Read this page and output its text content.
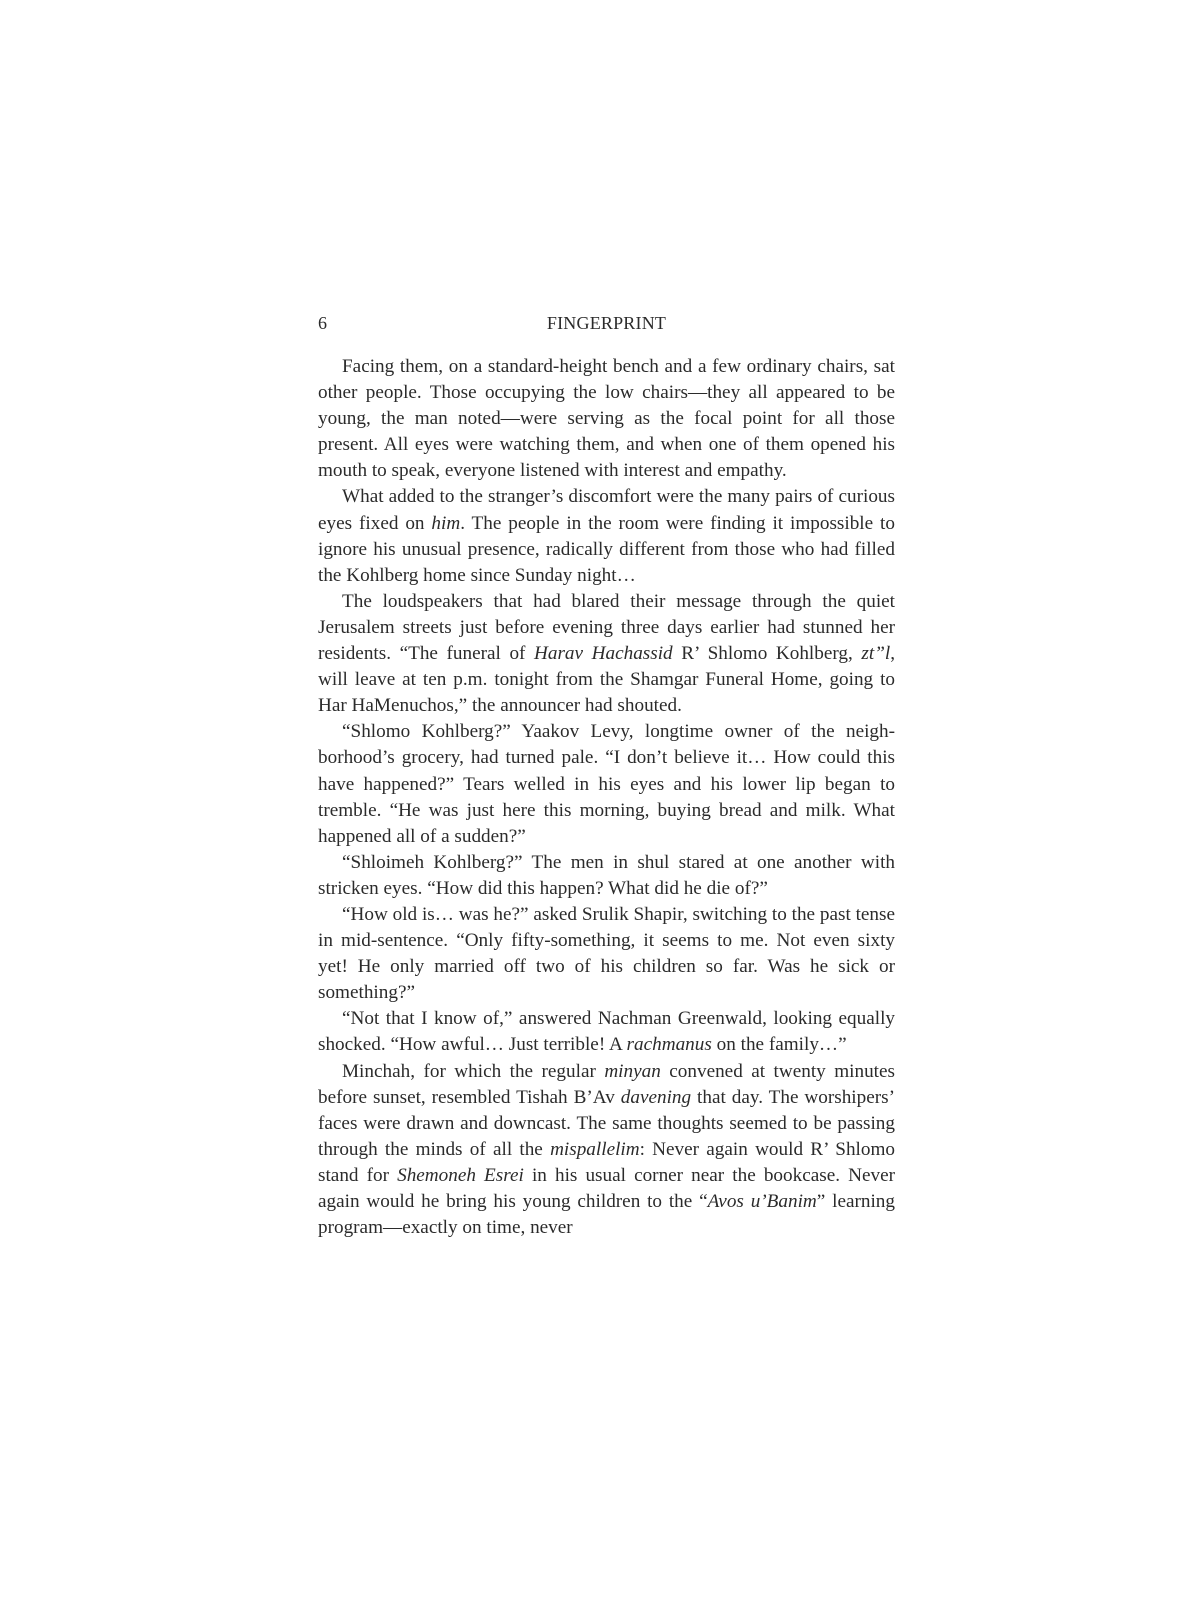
6	FINGERPRINT

Facing them, on a standard-height bench and a few ordinary chairs, sat other people. Those occupying the low chairs—they all appeared to be young, the man noted—were serving as the focal point for all those present. All eyes were watching them, and when one of them opened his mouth to speak, everyone listened with interest and empathy.

What added to the stranger’s discomfort were the many pairs of curious eyes fixed on him. The people in the room were finding it impossible to ignore his unusual presence, radically different from those who had filled the Kohlberg home since Sunday night…

The loudspeakers that had blared their message through the quiet Jerusalem streets just before evening three days earlier had stunned her residents. “The funeral of Harav Hachassid R’ Shlomo Kohlberg, zt”l, will leave at ten p.m. tonight from the Shamgar Funeral Home, going to Har HaMenuchos,” the announcer had shouted.

“Shlomo Kohlberg?” Yaakov Levy, longtime owner of the neighborhood’s grocery, had turned pale. “I don’t believe it… How could this have happened?” Tears welled in his eyes and his lower lip began to tremble. “He was just here this morning, buying bread and milk. What happened all of a sudden?”

“Shloimeh Kohlberg?” The men in shul stared at one another with stricken eyes. “How did this happen? What did he die of?”

“How old is… was he?” asked Srulik Shapir, switching to the past tense in mid-sentence. “Only fifty-something, it seems to me. Not even sixty yet! He only married off two of his children so far. Was he sick or something?”

“Not that I know of,” answered Nachman Greenwald, looking equally shocked. “How awful… Just terrible! A rachmanus on the family…”

Minchah, for which the regular minyan convened at twenty minutes before sunset, resembled Tishah B’Av davening that day. The worshipers’ faces were drawn and downcast. The same thoughts seemed to be passing through the minds of all the mispallelim: Never again would R’ Shlomo stand for Shemoneh Esrei in his usual corner near the bookcase. Never again would he bring his young children to the “Avos u’Banim” learning program—exactly on time, never
